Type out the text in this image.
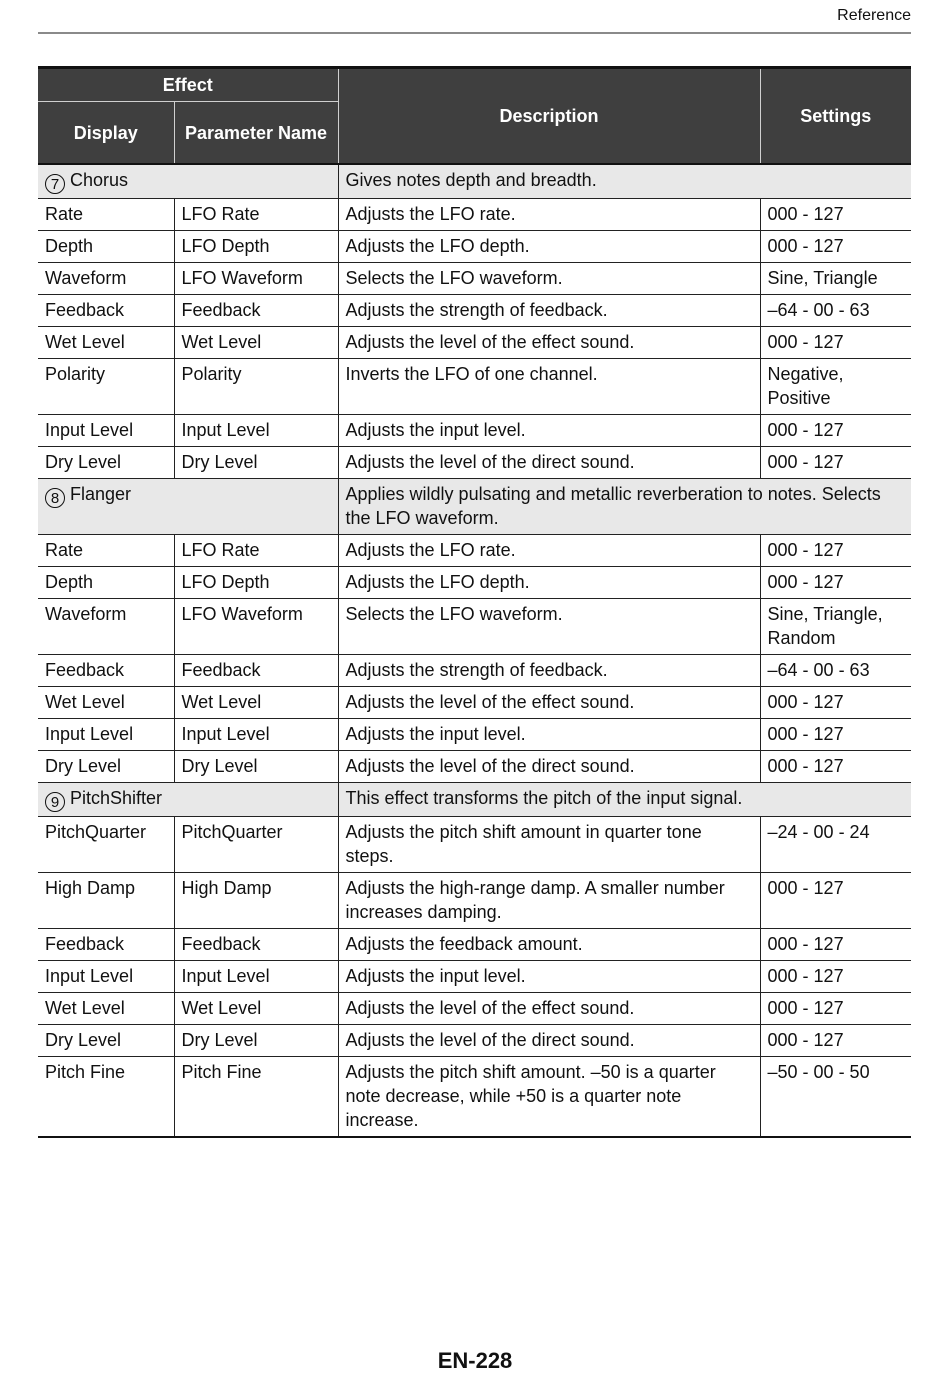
Reference
Effect		Description	Settings
Display	Parameter Name		
7 Chorus		Gives notes depth and breadth.	
Rate	LFO Rate	Adjusts the LFO rate.	000 - 127
Depth	LFO Depth	Adjusts the LFO depth.	000 - 127
Waveform	LFO Waveform	Selects the LFO waveform.	Sine, Triangle
Feedback	Feedback	Adjusts the strength of feedback.	–64 - 00 - 63
Wet Level	Wet Level	Adjusts the level of the effect sound.	000 - 127
Polarity	Polarity	Inverts the LFO of one channel.	Negative, Positive
Input Level	Input Level	Adjusts the input level.	000 - 127
Dry Level	Dry Level	Adjusts the level of the direct sound.	000 - 127
8 Flanger		Applies wildly pulsating and metallic reverberation to notes. Selects the LFO waveform.	
Rate	LFO Rate	Adjusts the LFO rate.	000 - 127
Depth	LFO Depth	Adjusts the LFO depth.	000 - 127
Waveform	LFO Waveform	Selects the LFO waveform.	Sine, Triangle, Random
Feedback	Feedback	Adjusts the strength of feedback.	–64 - 00 - 63
Wet Level	Wet Level	Adjusts the level of the effect sound.	000 - 127
Input Level	Input Level	Adjusts the input level.	000 - 127
Dry Level	Dry Level	Adjusts the level of the direct sound.	000 - 127
9 PitchShifter		This effect transforms the pitch of the input signal.	
PitchQuarter	PitchQuarter	Adjusts the pitch shift amount in quarter tone steps.	–24 - 00 - 24
High Damp	High Damp	Adjusts the high-range damp. A smaller number increases damping.	000 - 127
Feedback	Feedback	Adjusts the feedback amount.	000 - 127
Input Level	Input Level	Adjusts the input level.	000 - 127
Wet Level	Wet Level	Adjusts the level of the effect sound.	000 - 127
Dry Level	Dry Level	Adjusts the level of the direct sound.	000 - 127
Pitch Fine	Pitch Fine	Adjusts the pitch shift amount. –50 is a quarter note decrease, while +50 is a quarter note increase.	–50 - 00 - 50
EN-228
